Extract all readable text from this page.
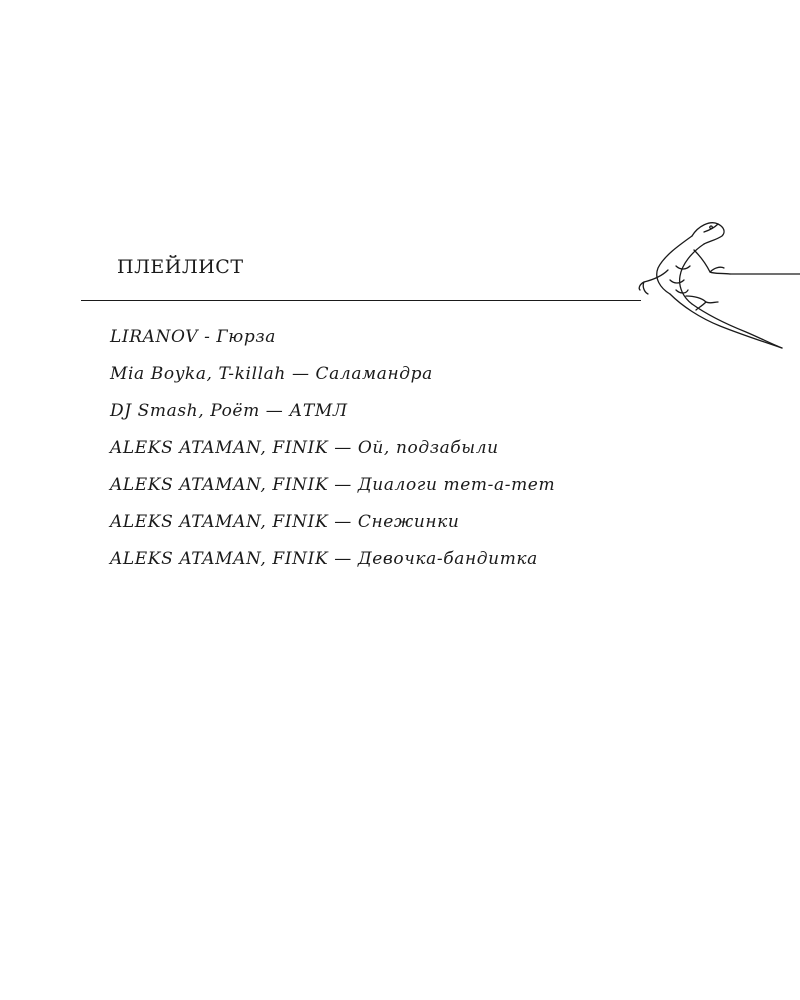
ПЛЕЙЛИСТ
LIRANOV - Гюрза
Mia Boyka, T-killah — Саламандра
DJ Smash, Poёт — АТМЛ
ALEKS ATAMAN, FINIK — Ой, подзабыли
ALEKS ATAMAN, FINIK — Диалоги тет-а-тет
ALEKS ATAMAN, FINIK — Снежинки
ALEKS ATAMAN, FINIK — Девочка-бандитка
